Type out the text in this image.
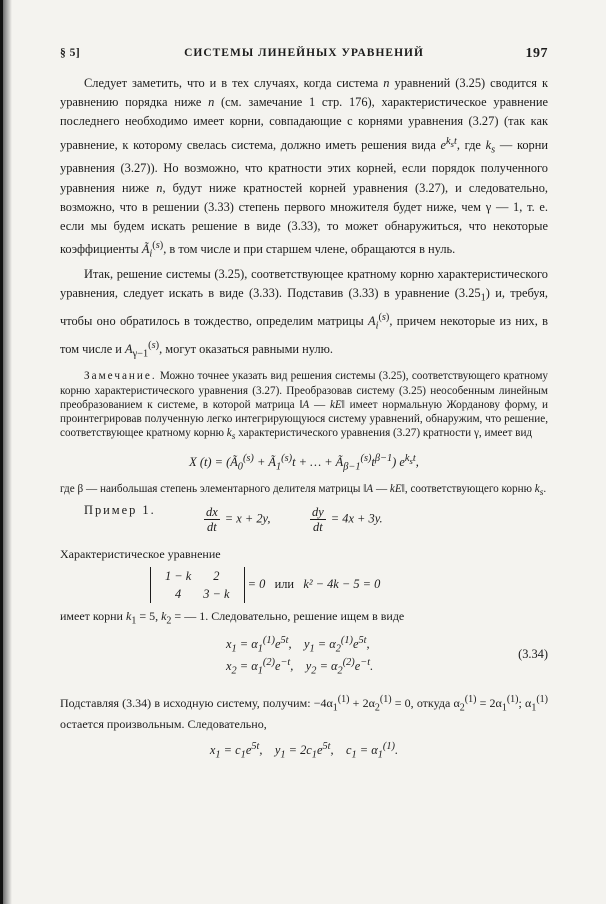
§ 5]	СИСТЕМЫ ЛИНЕЙНЫХ УРАВНЕНИЙ	197

Следует заметить, что и в тех случаях, когда система n уравнений (3.25) сводится к уравнению порядка ниже n (см. замечание 1 стр. 176), характеристическое уравнение последнего необходимо имеет корни, совпадающие с корнями уравнения (3.27) (так как уравнение, к которому свелась система, должно иметь решения вида $e^{k_st}$, где $k_s$ — корни уравнения (3.27)). Но возможно, что кратности этих корней, если порядок полученного уравнения ниже n, будут ниже кратностей корней уравнения (3.27), и следовательно, возможно, что в решении (3.33) степень первого множителя будет ниже, чем γ — 1, т. е. если мы будем искать решение в виде (3.33), то может обнаружиться, что некоторые коэффициенты $Ã_i^{(s)}$, в том числе и при старшем члене, обращаются в нуль.

Итак, решение системы (3.25), соответствующее кратному корню характеристического уравнения, следует искать в виде (3.33). Подставив (3.33) в уравнение $(3.25_1)$ и, требуя, чтобы оно обратилось в тождество, определим матрицы $A_i^{(s)}$, причем некоторые из них, в том числе и $A_{\gamma-1}^{(s)}$, могут оказаться равными нулю.

Замечание. Можно точнее указать вид решения системы (3.25), соответствующего кратному корню характеристического уравнения (3.27). Преобразовав систему (3.25) неособенным линейным преобразованием к системе, в которой матрица ‖A — kE‖ имеет нормальную Жорданову форму, и проинтегрировав полученную легко интегрирующуюся систему уравнений, обнаружим, что решение, соответствующее кратному корню $k_s$ характеристического уравнения (3.27) кратности γ, имеет вид

X $(t) = (Ã_0^{(s)}$ + $Ã_1^{(s)}t$ + … + $Ã_{\beta-1}^{(s)}t^{\beta-1}$) $e^{k_st}$,

где β — наибольшая степень элементарного делителя матрицы ‖A — kE‖, соответствующего корню $k_s$.

Пример 1.	$\frac{dx}{dt} = x + 2y$,	$\frac{dy}{dt} = 4x + 3y$.

Характеристическое уравнение

1 − k	2
4	3 − k
= 0   или   k² − 4k − 5 = 0

имеет корни $k_1 = 5$, $k_2$ = — 1. Следовательно, решение ищем в виде

$x_1 = \alpha_1^{(1)}e^{5t}$,    $y_1 = \alpha_2^{(1)}e^{5t}$,
$x_2 = \alpha_1^{(2)}e^{-t}$,    $y_2 = \alpha_2^{(2)}e^{-t}$.
(3.34)

Подставляя (3.34) в исходную систему, получим: $-4\alpha_1^{(1)} + 2\alpha_2^{(1)} = 0$, откуда $\alpha_2^{(1)} = 2\alpha_1^{(1)}$; $\alpha_1^{(1)}$ остается произвольным. Следовательно,

$x_1 = c_1e^{5t}$,    $y_1 = 2c_1e^{5t}$,    $c_1 = \alpha_1^{(1)}$.
